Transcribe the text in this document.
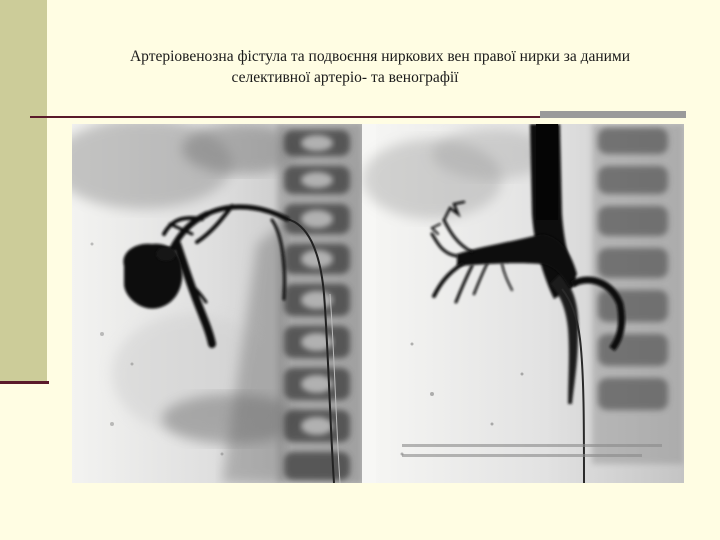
Артеріовенозна фістула та подвоєння ниркових вен правої нирки за даними
селективної артеріо- та венографії
